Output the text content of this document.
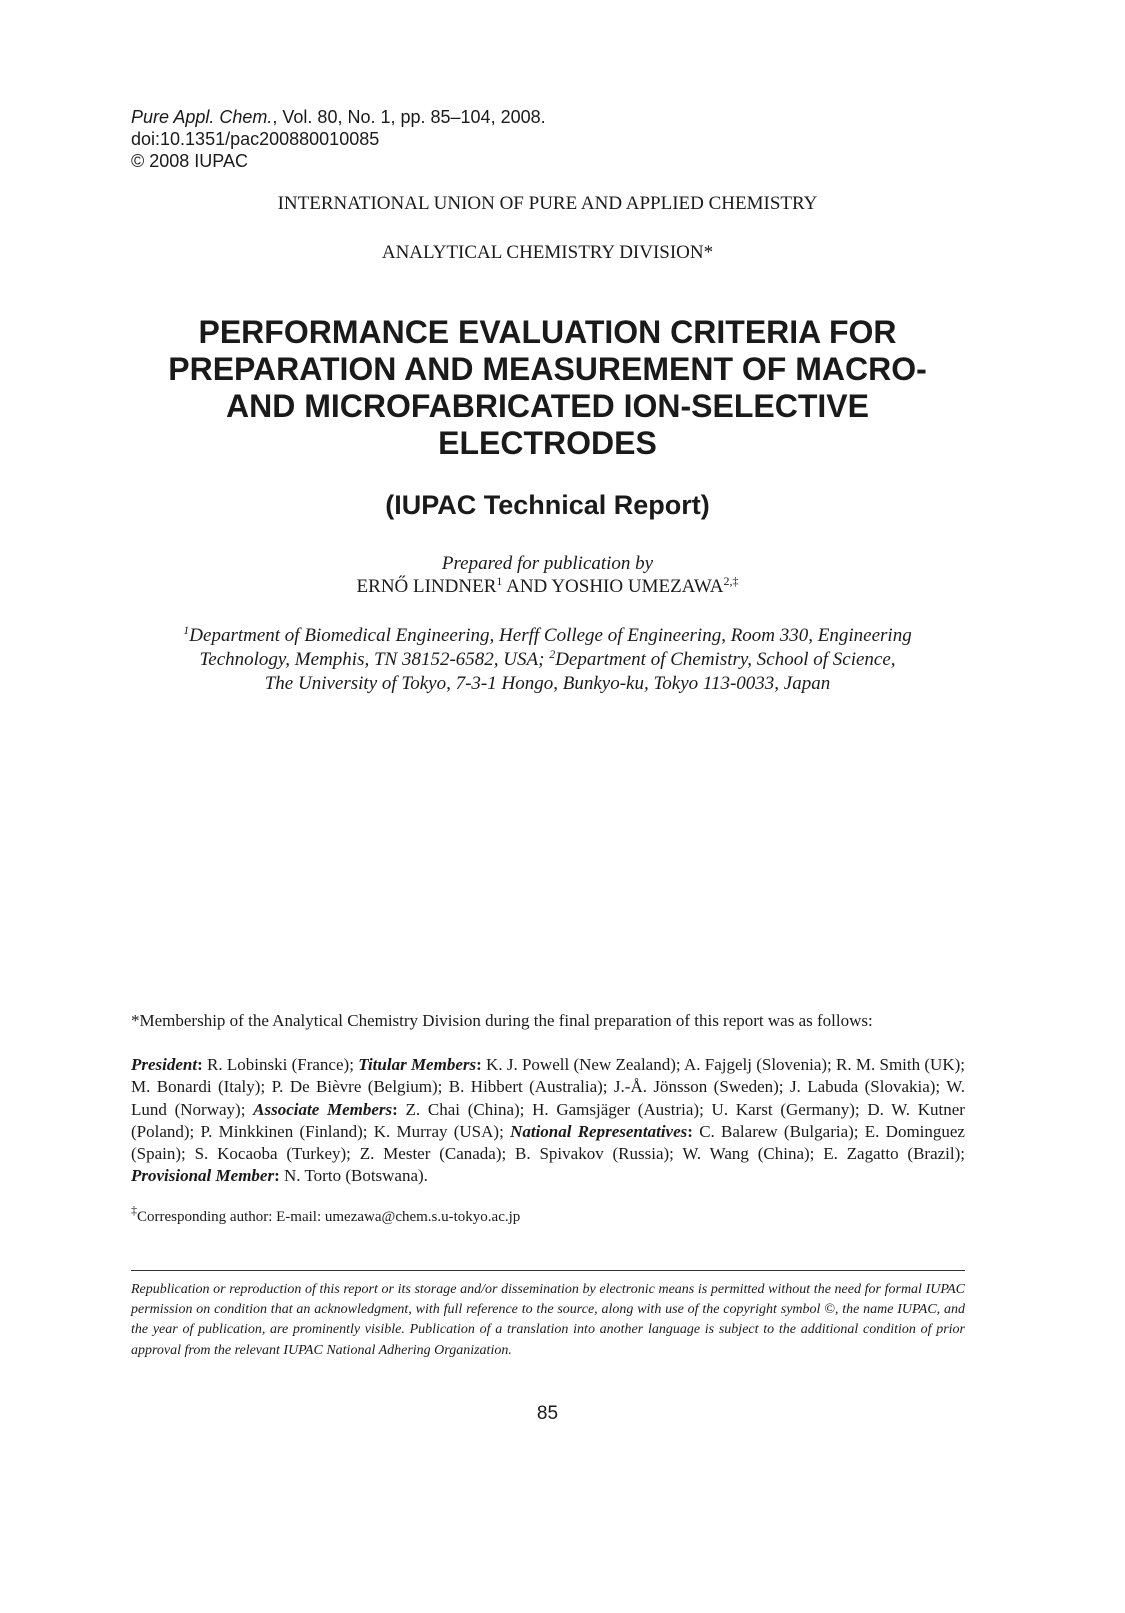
Pure Appl. Chem., Vol. 80, No. 1, pp. 85–104, 2008.
doi:10.1351/pac200880010085
© 2008 IUPAC
INTERNATIONAL UNION OF PURE AND APPLIED CHEMISTRY
ANALYTICAL CHEMISTRY DIVISION*
PERFORMANCE EVALUATION CRITERIA FOR
PREPARATION AND MEASUREMENT OF MACRO-
AND MICROFABRICATED ION-SELECTIVE
ELECTRODES
(IUPAC Technical Report)
Prepared for publication by
ERNŐ LINDNER$^1$ AND YOSHIO $UMEZAWA^{2,\ddagger}$
$^1$Department of Biomedical Engineering, Herff College of Engineering, Room 330, Engineering
Technology, Memphis, TN 38152-6582, USA; $^2$Department of Chemistry, School of Science,
The University of Tokyo, 7-3-1 Hongo, Bunkyo-ku, Tokyo 113-0033, Japan
*Membership of the Analytical Chemistry Division during the final preparation of this report was as follows:
President: R. Lobinski (France); Titular Members: K. J. Powell (New Zealand); A. Fajgelj (Slovenia); R. M. Smith (UK); M. Bonardi (Italy); P. De Bièvre (Belgium); B. Hibbert (Australia); J.-Å. Jönsson (Sweden); J. Labuda (Slovakia); W. Lund (Norway); Associate Members: Z. Chai (China); H. Gamsjäger (Austria); U. Karst (Germany); D. W. Kutner (Poland); P. Minkkinen (Finland); K. Murray (USA); National Representatives: C. Balarew (Bulgaria); E. Dominguez (Spain); S. Kocaoba (Turkey); Z. Mester (Canada); B. Spivakov (Russia); W. Wang (China); E. Zagatto (Brazil); Provisional Member: N. Torto (Botswana).
‡Corresponding author: E-mail: umezawa@chem.s.u-tokyo.ac.jp
Republication or reproduction of this report or its storage and/or dissemination by electronic means is permitted without the need for formal IUPAC permission on condition that an acknowledgment, with full reference to the source, along with use of the copyright symbol ©, the name IUPAC, and the year of publication, are prominently visible. Publication of a translation into another language is subject to the additional condition of prior approval from the relevant IUPAC National Adhering Organization.
85
